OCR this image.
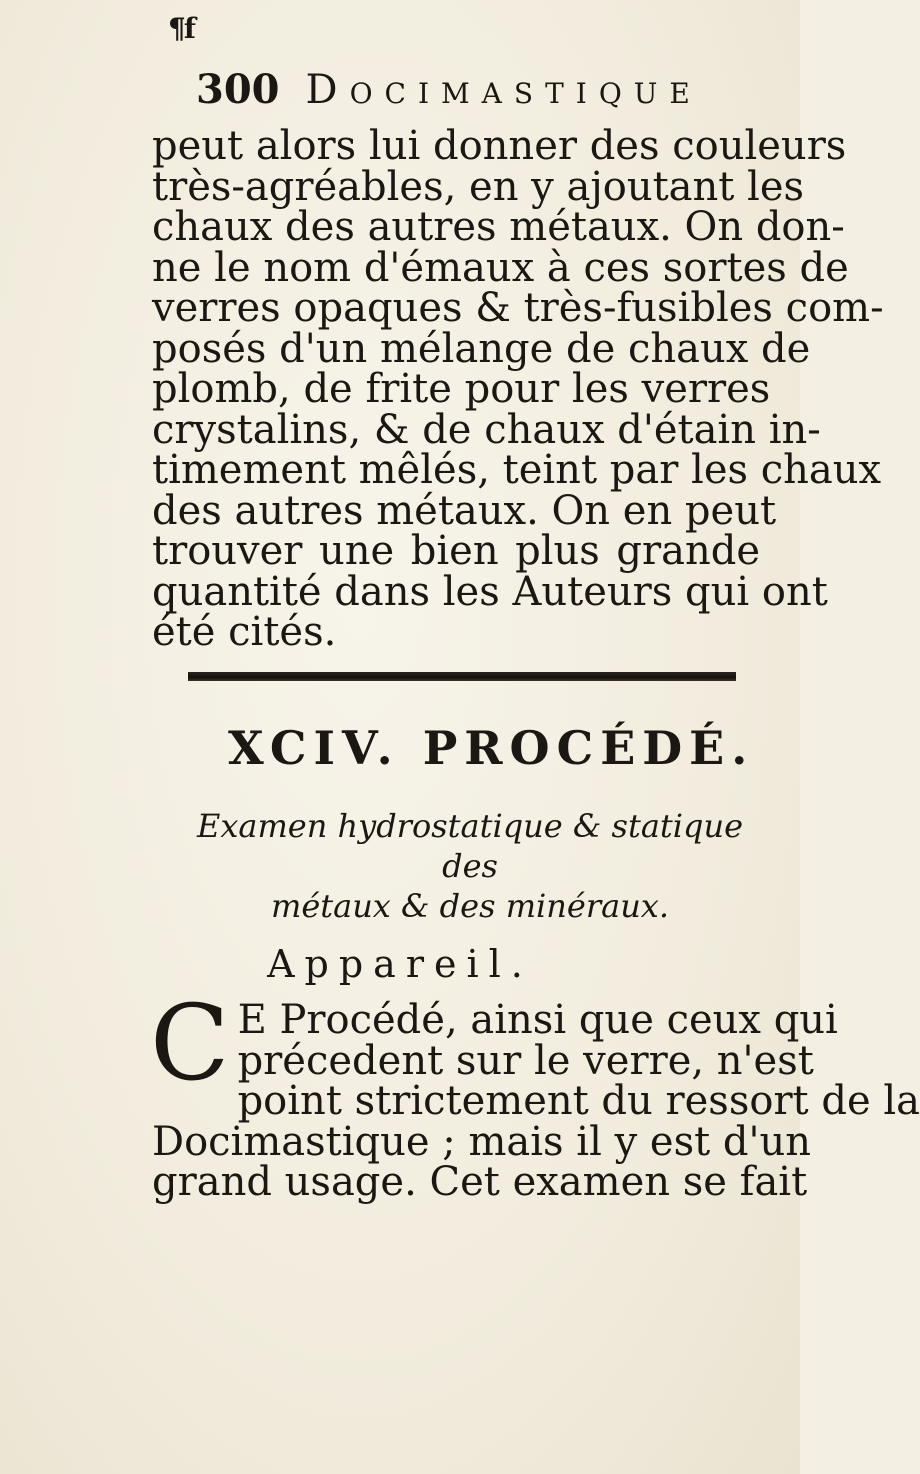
¶f
300 Docimastique
peut alors lui donner des couleurs
très-agréables, en y ajoutant les
chaux des autres métaux. On don-
ne le nom d'émaux à ces sortes de
verres opaques & très-fusibles com-
posés d'un mélange de chaux de
plomb, de frite pour les verres
crystalins, & de chaux d'étain in-
timement mêlés, teint par les chaux
des autres métaux. On en peut
trouver une bien plus grande
quantité dans les Auteurs qui ont
été cités.
XCIV. PROCÉDÉ.
Examen hydrostatique & statique des
métaux & des minéraux.
Appareil.
C E Procédé, ainsi que ceux qui
précedent sur le verre, n'est
point strictement du ressort de la
Docimastique ; mais il y est d'un
grand usage. Cet examen se fait
